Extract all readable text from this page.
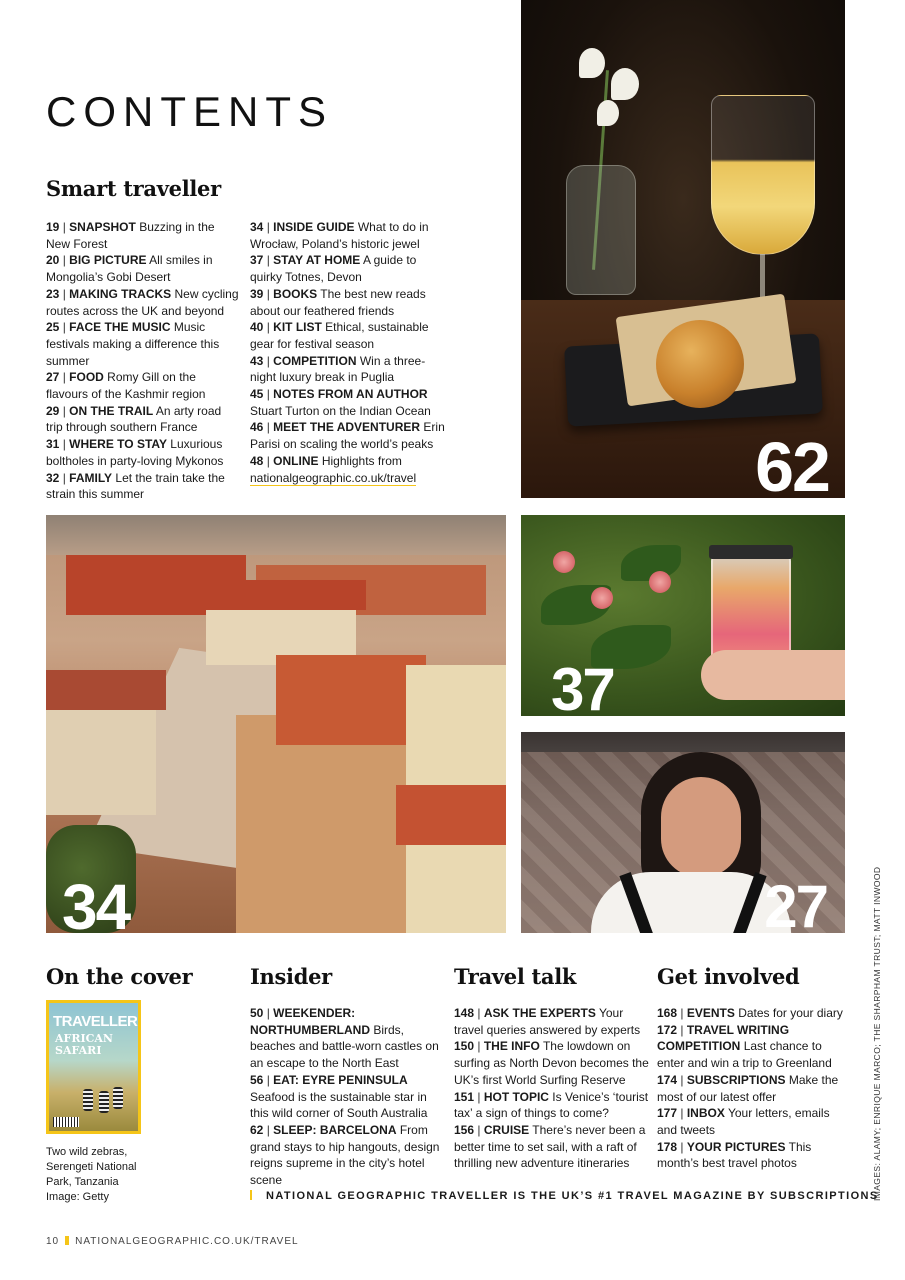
CONTENTS
Smart traveller
19 | SNAPSHOT Buzzing in the New Forest
20 | BIG PICTURE All smiles in Mongolia’s Gobi Desert
23 | MAKING TRACKS New cycling routes across the UK and beyond
25 | FACE THE MUSIC Music festivals making a difference this summer
27 | FOOD Romy Gill on the flavours of the Kashmir region
29 | ON THE TRAIL An arty road trip through southern France
31 | WHERE TO STAY Luxurious boltholes in party-loving Mykonos
32 | FAMILY Let the train take the strain this summer
34 | INSIDE GUIDE What to do in Wrocław, Poland’s historic jewel
37 | STAY AT HOME A guide to quirky Totnes, Devon
39 | BOOKS The best new reads about our feathered friends
40 | KIT LIST Ethical, sustainable gear for festival season
43 | COMPETITION Win a three-night luxury break in Puglia
45 | NOTES FROM AN AUTHOR Stuart Turton on the Indian Ocean
46 | MEET THE ADVENTURER Erin Parisi on scaling the world’s peaks
48 | ONLINE Highlights from nationalgeographic.co.uk/travel	62
34
37
27
On the cover	Insider	Travel talk	Get involved
TRAVELLER
AFRICAN
SAFARI
Two wild zebras,
Serengeti National
Park, Tanzania
Image: Getty
50 | WEEKENDER: NORTHUMBERLAND Birds, beaches and battle-worn castles on an escape to the North East
56 | EAT: EYRE PENINSULA Seafood is the sustainable star in this wild corner of South Australia
62 | SLEEP: BARCELONA From grand stays to hip hangouts, design reigns supreme in the city’s hotel scene
148 | ASK THE EXPERTS Your travel queries answered by experts
150 | THE INFO The lowdown on surfing as North Devon becomes the UK’s first World Surfing Reserve
151 | HOT TOPIC Is Venice’s ‘tourist tax’ a sign of things to come?
156 | CRUISE There’s never been a better time to set sail, with a raft of thrilling new adventure itineraries
168 | EVENTS Dates for your diary
172 | TRAVEL WRITING COMPETITION Last chance to enter and win a trip to Greenland
174 | SUBSCRIPTIONS Make the most of our latest offer
177 | INBOX Your letters, emails and tweets
178 | YOUR PICTURES This month’s best travel photos
NATIONAL GEOGRAPHIC TRAVELLER IS THE UK’S #1 TRAVEL MAGAZINE BY SUBSCRIPTIONS
10 NATIONALGEOGRAPHIC.CO.UK/TRAVEL
IMAGES: ALAMY; ENRIQUE MARCO; THE SHARPHAM TRUST; MATT INWOOD
